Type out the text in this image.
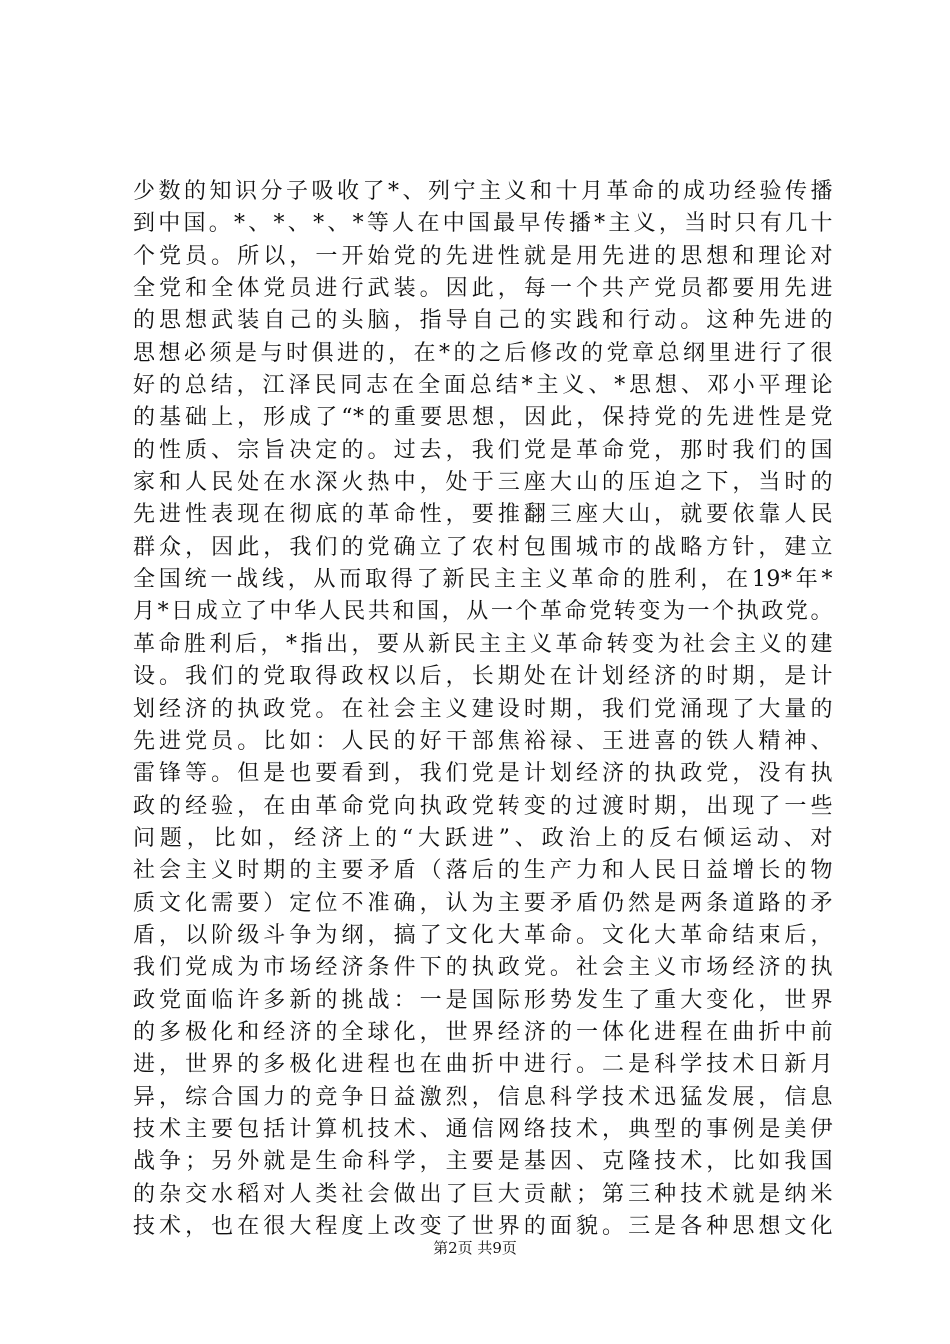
少数的知识分子吸收了*、列宁主义和十月革命的成功经验传播
到中国。*、*、*、*等人在中国最早传播*主义，当时只有几十
个党员。所以，一开始党的先进性就是用先进的思想和理论对
全党和全体党员进行武装。因此，每一个共产党员都要用先进
的思想武装自己的头脑，指导自己的实践和行动。这种先进的
思想必须是与时俱进的，在*的之后修改的党章总纲里进行了很
好的总结，江泽民同志在全面总结*主义、*思想、邓小平理论
的基础上，形成了“*的重要思想，因此，保持党的先进性是党
的性质、宗旨决定的。过去，我们党是革命党，那时我们的国
家和人民处在水深火热中，处于三座大山的压迫之下，当时的
先进性表现在彻底的革命性，要推翻三座大山，就要依靠人民
群众，因此，我们的党确立了农村包围城市的战略方针，建立
全国统一战线，从而取得了新民主主义革命的胜利，在19*年*
月*日成立了中华人民共和国，从一个革命党转变为一个执政党。
革命胜利后，*指出，要从新民主主义革命转变为社会主义的建
设。我们的党取得政权以后，长期处在计划经济的时期，是计
划经济的执政党。在社会主义建设时期，我们党涌现了大量的
先进党员。比如：人民的好干部焦裕禄、王进喜的铁人精神、
雷锋等。但是也要看到，我们党是计划经济的执政党，没有执
政的经验，在由革命党向执政党转变的过渡时期，出现了一些
问题，比如，经济上的“大跃进”、政治上的反右倾运动、对
社会主义时期的主要矛盾（落后的生产力和人民日益增长的物
质文化需要）定位不准确，认为主要矛盾仍然是两条道路的矛
盾，以阶级斗争为纲，搞了文化大革命。文化大革命结束后，
我们党成为市场经济条件下的执政党。社会主义市场经济的执
政党面临许多新的挑战：一是国际形势发生了重大变化，世界
的多极化和经济的全球化，世界经济的一体化进程在曲折中前
进，世界的多极化进程也在曲折中进行。二是科学技术日新月
异，综合国力的竞争日益激烈，信息科学技术迅猛发展，信息
技术主要包括计算机技术、通信网络技术，典型的事例是美伊
战争；另外就是生命科学，主要是基因、克隆技术，比如我国
的杂交水稻对人类社会做出了巨大贡献；第三种技术就是纳米
技术，也在很大程度上改变了世界的面貌。三是各种思想文化
第2页 共9页
